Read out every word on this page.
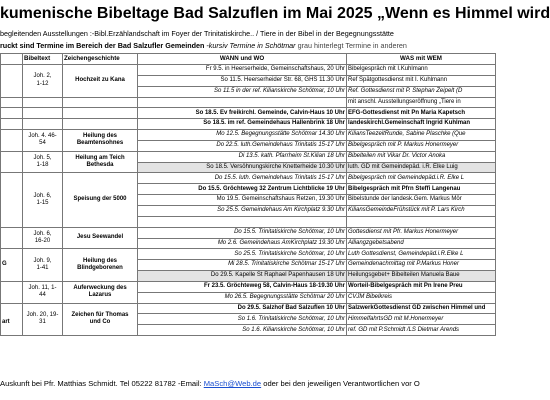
kumenische Bibeltage Bad Salzuflen im Mai 2025 „Wenn es Himmel wird
begleitenden Ausstellungen :-Bibl.Erzählandschaft im Foyer der Trinitatiskirche.. / Tiere in der Bibel in der Begegnungsstätte
ruckt sind Termine im Bereich der Bad Salzufler Gemeinden -kursiv Termine in Schötmar grau hinterlegt Termine in anderen
	Bibeltext	Zeichengeschichte	WANN und WO	WAS mit WEM
	Joh. 2,
1-12	Hochzeit zu Kana	Fr 9.5. in Heerserheide, Gemeinschaftshaus, 20 Uhr	Bibelgespräch mit I.Kuhlmann
			So 11.5. Heerserheider Str. 68, GHS 11.30 Uhr	Ref Spätgottesdienst mit I. Kuhlmann
			So 11.5 in der ref. Kilianskirche Schötmar, 10 Uhr	Ref. Gottesdienst mit P. Stephan Zeipelt (D
				mit anschl. Ausstellungseröffnung „Tiere in
			So 18.5. Ev freikirchl. Gemeinde, Calvin-Haus 10 Uhr	EFG-Gottesdienst mit Pn Maria Kapetsch
			So 18.5. im ref. Gemeindehaus Hallenbrink 18 Uhr	landeskirchl.Gemeinschaft Ingrid Kuhlman
	Joh. 4. 46-
54	Heilung des
Beamtensohnes	Mo 12.5. Begegnungsstätte Schötmar 14.30 Uhr	KiliansTeezeitRunde, Sabine Plaschke (Que
			Do 22.5. luth.Gemeindehaus Trinitatis 15-17 Uhr	Bibelgespräch mit P. Markus Honermeyer
	Joh. 5,
1-18	Heilung am Teich
Bethesda	Di 13.5. kath. Pfarrheim St.Kilian 18 Uhr	Bibelteilen mit Vikar Dr. Victor Anoka
			So 18.5. Versöhnungskirche Knetterheide 10.30 Uhr	luth. GD mit Gemeindepäd. i.R. Elke Luig
	Joh. 6,
1-15	Speisung der 5000	Do 15.5. luth. Gemeindehaus Trinitatis 15-17 Uhr	Bibelgespräch mit Gemeindepäd.i.R. Elke L
			Do 15.5. Gröchteweg 32 Zentrum Lichtblicke 19 Uhr	Bibelgespräch mit Pfrn Steffi Langenau
			Mo 19.5. Gemeinschaftshaus Retzen, 19.30 Uhr	Bibelstunde der landesk.Gem. Markus Mör
			So 25.5. Gemeindehaus Am Kirchplatz 9.30 Uhr	KiliansGemeindeFrühstück mit P. Lars Kirch

	Joh. 6,
16-20	Jesu Seewandel	Do 15.5. Trinitatiskirche Schötmar, 10 Uhr	Gottesdienst mit Pfr. Markus Honermeyer
			Mo 2.6. Gemeindehaus AmKirchplatz 19.30 Uhr	Alliangzgebetsabend
G	Joh. 9,
1-41	Heilung des
Blindgeborenen	So 25.5. Trinitatiskirche Schötmar, 10 Uhr	Luth Gottesdienst, Gemeindepäd.i.R.Elke L
			Mi 28.5. Trinitatiskirche Schötmar 15-17 Uhr	Gemeindenachmittag mit P.Markus Honer
			Do 29.5. Kapelle St Raphael Papenhausen 18 Uhr	Heilungsgebet+ Bibelteilen Manuela Baue
	Joh. 11, 1-
44	Auferweckung des
Lazarus	Fr 23.5. Gröchteweg 58, Calvin-Haus 18-19.30 Uhr	Worteil-Bibelgespräch mit Pn Irene Preu
			Mo 26.5. Begegnungsstätte Schötmar 20 Uhr	CVJM Bibelkreis

art	Joh. 20, 19-
31	Zeichen für Thomas
und Co	Do 29.5. Salzhof Bad Salzuflen 10 Uhr	SalzwerkGottesdienst GD zwischen Himmel und
			So 1.6. Trinitatiskirche Schötmar, 10 Uhr	HimmelfahrtsGD mit M.Honermeyer
			So 1.6. Kilianskirche Schötmar, 10 Uhr	ref. GD mit P.Schmidt /LS Dietmar Arends
Auskunft bei Pfr. Matthias Schmidt. Tel 05222 81782 -Email: MaSch@Web.de oder bei den jeweiligen Verantwortlichen vor O
